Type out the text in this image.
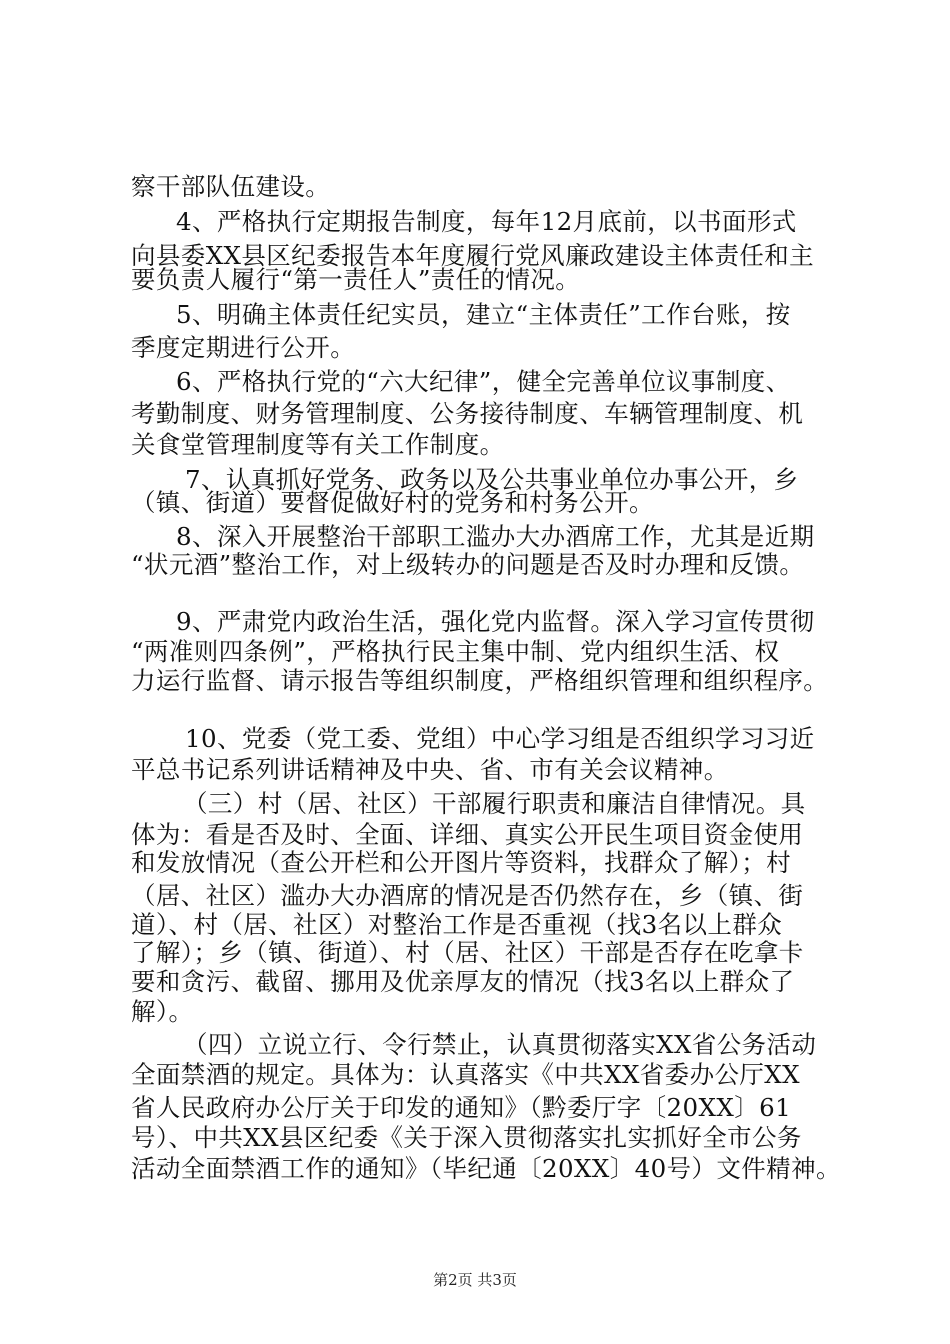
察干部队伍建设。
4、严格执行定期报告制度，每年12月底前，以书面形式
向县委XX县区纪委报告本年度履行党风廉政建设主体责任和主
要负责人履行“第一责任人”责任的情况。
5、明确主体责任纪实员，建立“主体责任”工作台账，按
季度定期进行公开。
6、严格执行党的“六大纪律”，健全完善单位议事制度、
考勤制度、财务管理制度、公务接待制度、车辆管理制度、机
关食堂管理制度等有关工作制度。
7、认真抓好党务、政务以及公共事业单位办事公开，乡
（镇、街道）要督促做好村的党务和村务公开。
8、深入开展整治干部职工滥办大办酒席工作，尤其是近期
“状元酒”整治工作，对上级转办的问题是否及时办理和反馈。
9、严肃党内政治生活，强化党内监督。深入学习宣传贯彻
“两准则四条例”，严格执行民主集中制、党内组织生活、权
力运行监督、请示报告等组织制度，严格组织管理和组织程序。
10、党委（党工委、党组）中心学习组是否组织学习习近
平总书记系列讲话精神及中央、省、市有关会议精神。
（三）村（居、社区）干部履行职责和廉洁自律情况。具
体为：看是否及时、全面、详细、真实公开民生项目资金使用
和发放情况（查公开栏和公开图片等资料，找群众了解）；村
（居、社区）滥办大办酒席的情况是否仍然存在，乡（镇、街
道）、村（居、社区）对整治工作是否重视（找3名以上群众
了解）；乡（镇、街道）、村（居、社区）干部是否存在吃拿卡
要和贪污、截留、挪用及优亲厚友的情况（找3名以上群众了
解）。
（四）立说立行、令行禁止，认真贯彻落实XX省公务活动
全面禁酒的规定。具体为：认真落实《中共XX省委办公厅XX
省人民政府办公厅关于印发的通知》（黔委厅字〔20XX〕61
号）、中共XX县区纪委《关于深入贯彻落实扎实抓好全市公务
活动全面禁酒工作的通知》（毕纪通〔20XX〕40号）文件精神。
第2页 共3页
